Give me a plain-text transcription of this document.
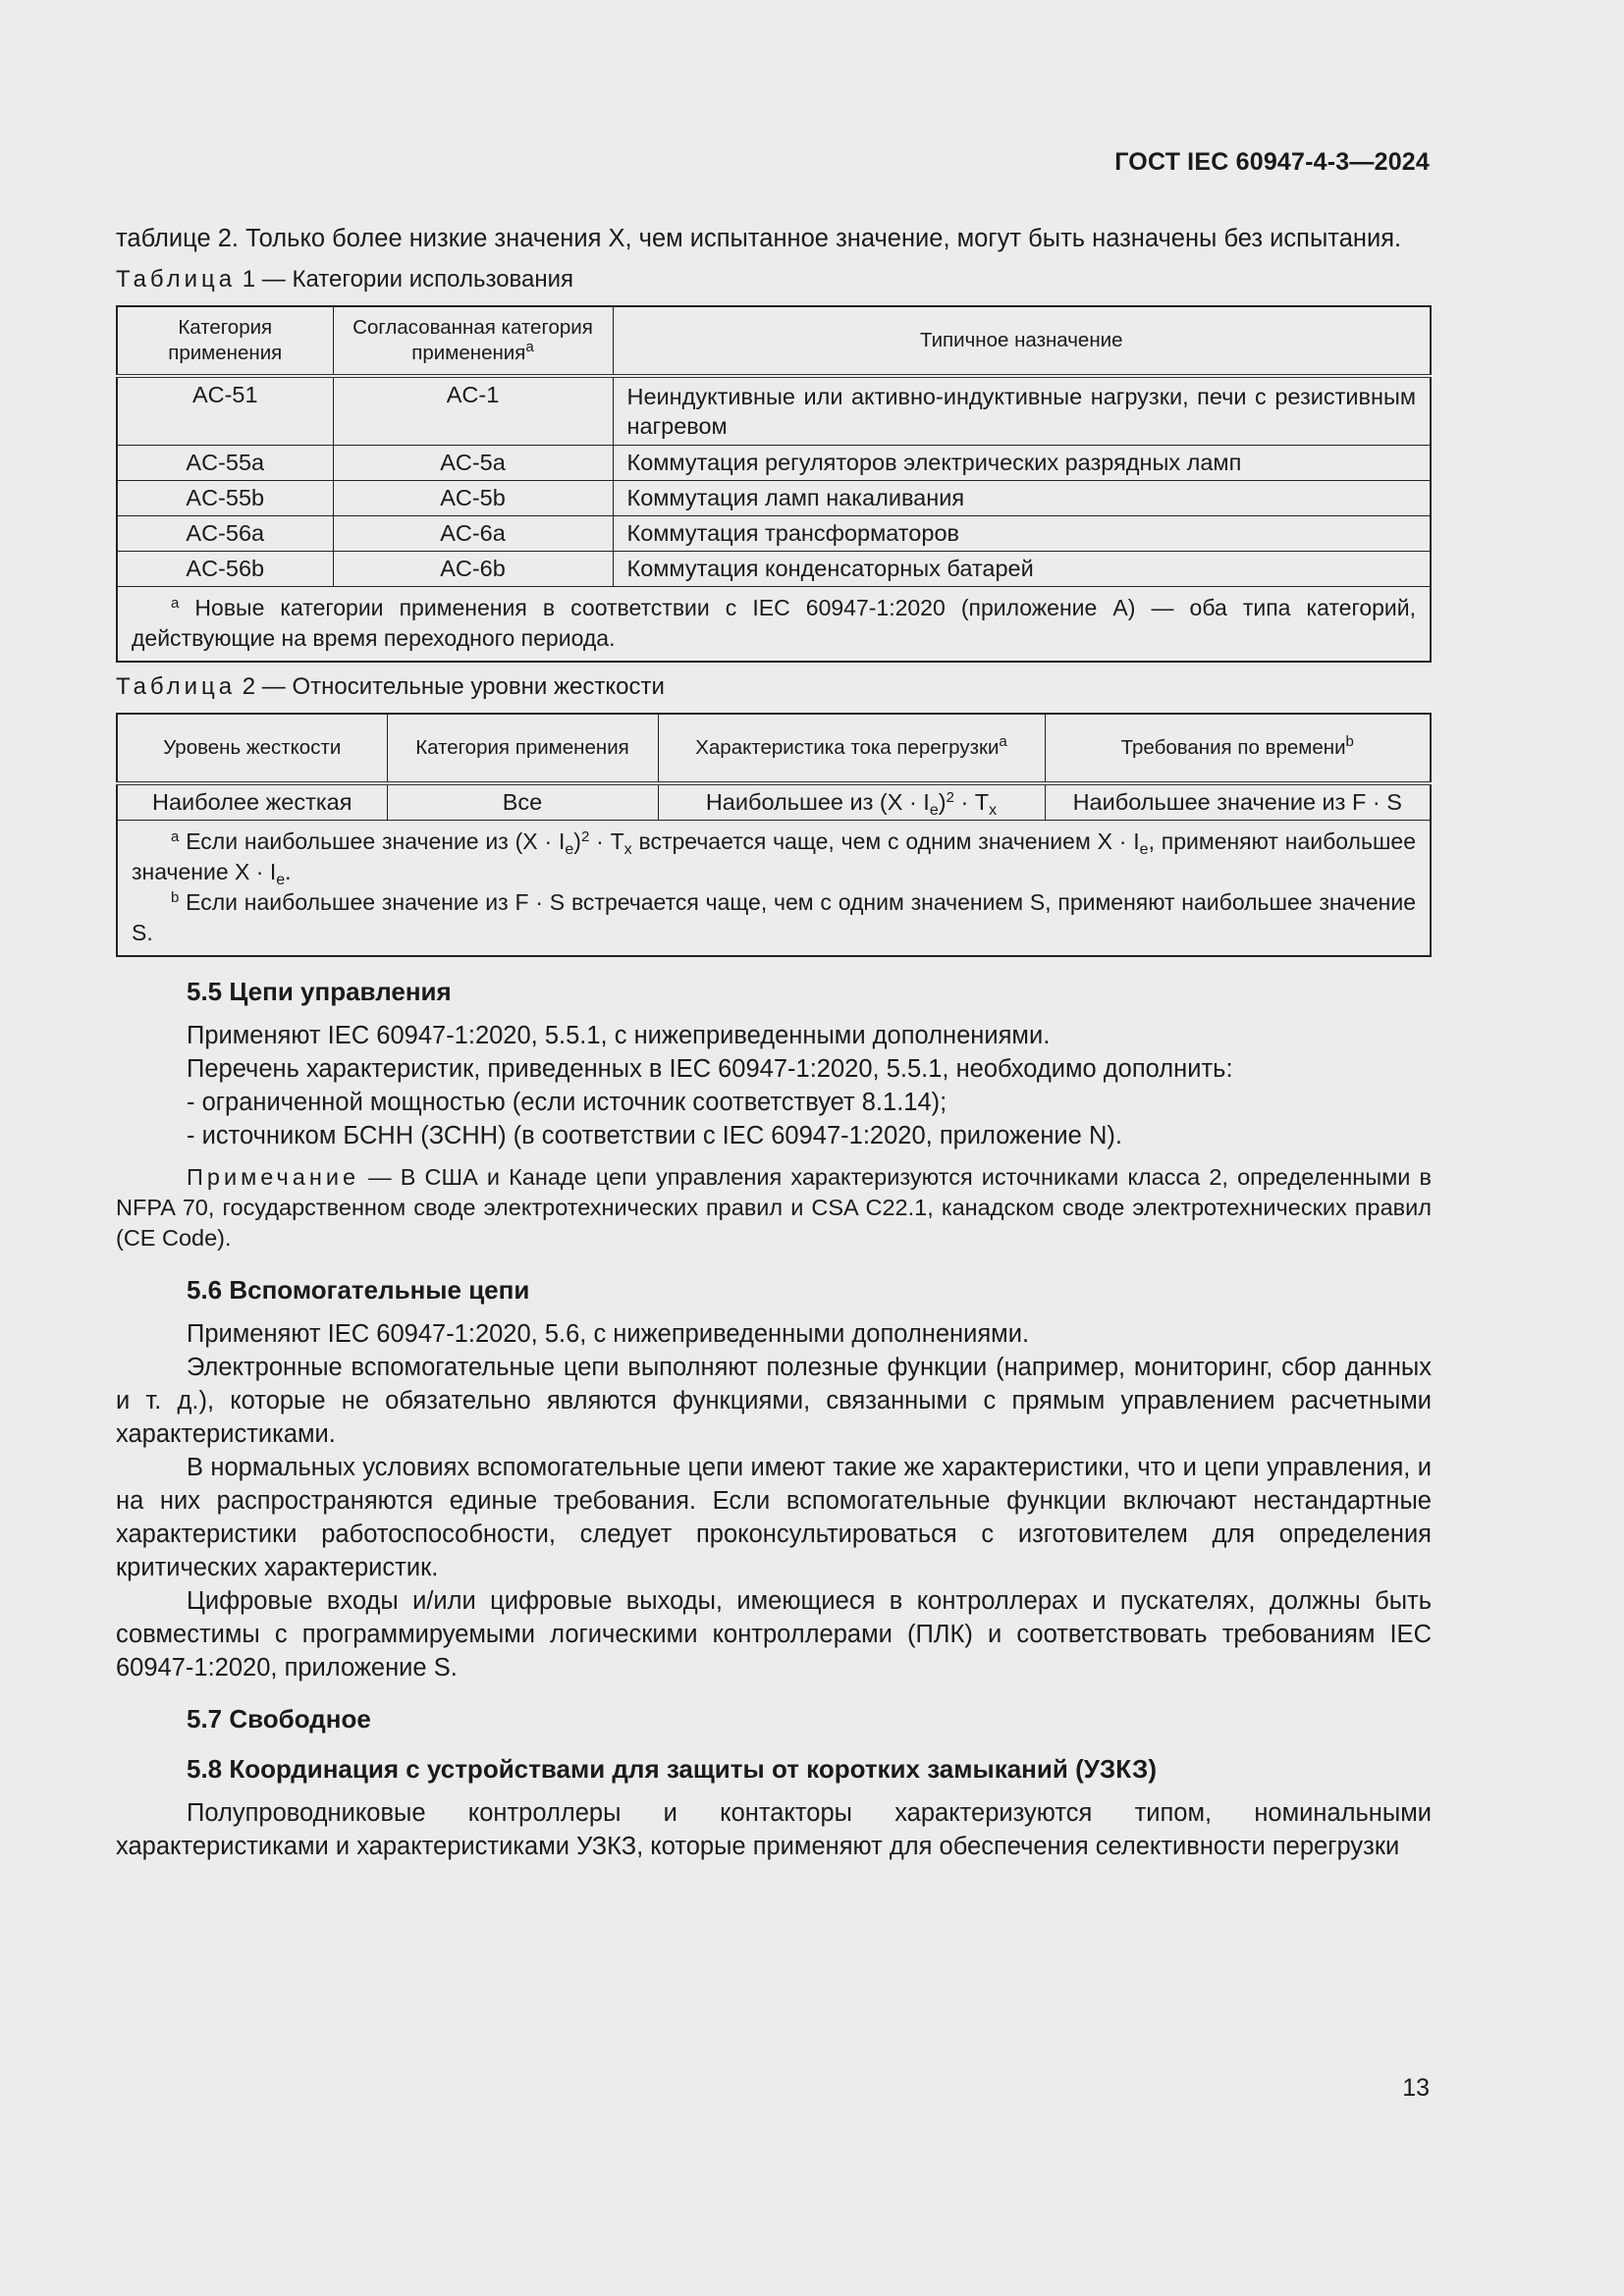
ГОСТ IEC 60947-4-3—2024

таблице 2. Только более низкие значения X, чем испытанное значение, могут быть назначены без испытания.

Таблица 1 — Категории использования
Категория применения	Согласованная категория применения$^a$	Типичное назначение
AC-51	AC-1	Неиндуктивные или активно-индуктивные нагрузки, печи с резистивным нагревом
AC-55a	AC-5a	Коммутация регуляторов электрических разрядных ламп
AC-55b	AC-5b	Коммутация ламп накаливания
AC-56a	AC-6a	Коммутация трансформаторов
AC-56b	AC-6b	Коммутация конденсаторных батарей

$^a$ Новые категории применения в соответствии с IEC 60947-1:2020 (приложение A) — оба типа категорий, действующие на время переходного периода.		
Таблица 2 — Относительные уровни жесткости
Уровень жесткости	Категория применения	Характеристика тока перегрузки$^a$	Требования по времени$^b$
Наиболее жесткая	Все	Наибольшее из $(X \cdot I_e)^2 \cdot T_x$	Наибольшее значение из F · S

$^a$ Если наибольшее значение из $(X \cdot I_e)^2 \cdot T_x$ встречается чаще, чем с одним значением $X \cdot I_e$, применяют наибольшее значение $X \cdot I_e$.
$^b$ Если наибольшее значение из F · S встречается чаще, чем с одним значением S, применяют наибольшее значение S.			
5.5 Цепи управления
Применяют IEC 60947-1:2020, 5.5.1, с нижеприведенными дополнениями.
Перечень характеристик, приведенных в IEC 60947-1:2020, 5.5.1, необходимо дополнить:
- ограниченной мощностью (если источник соответствует 8.1.14);
- источником БСНН (ЗСНН) (в соответствии с IEC 60947-1:2020, приложение N).

Примечание — В США и Канаде цепи управления характеризуются источниками класса 2, определенными в NFPA 70, государственном своде электротехнических правил и CSA C22.1, канадском своде электротехнических правил (CE Code).

5.6 Вспомогательные цепи

Применяют IEC 60947-1:2020, 5.6, с нижеприведенными дополнениями.

Электронные вспомогательные цепи выполняют полезные функции (например, мониторинг, сбор данных и т. д.), которые не обязательно являются функциями, связанными с прямым управлением расчетными характеристиками.

В нормальных условиях вспомогательные цепи имеют такие же характеристики, что и цепи управления, и на них распространяются единые требования. Если вспомогательные функции включают нестандартные характеристики работоспособности, следует проконсультироваться с изготовителем для определения критических характеристик.

Цифровые входы и/или цифровые выходы, имеющиеся в контроллерах и пускателях, должны быть совместимы с программируемыми логическими контроллерами (ПЛК) и соответствовать требованиям IEC 60947-1:2020, приложение S.

5.7 Свободное
5.8 Координация с устройствами для защиты от коротких замыканий (УЗКЗ)

Полупроводниковые контроллеры и контакторы характеризуются типом, номинальными характеристиками и характеристиками УЗКЗ, которые применяют для обеспечения селективности перегрузки

13
